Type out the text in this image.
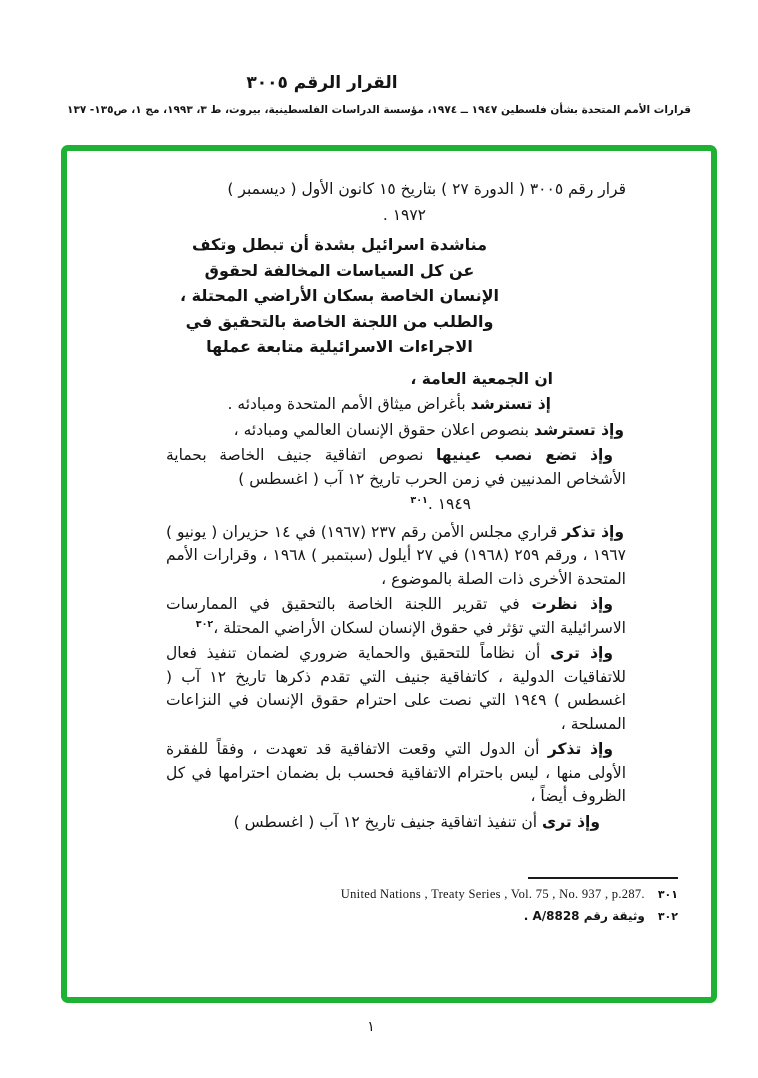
القرار الرقم ٣٠٠٥
قرارات الأمم المتحدة بشأن فلسطين ١٩٤٧ ــ ١٩٧٤، مؤسسة الدراسات الفلسطينية، بيروت، ط ٣، ١٩٩٣، مج ١، ص١٣٥- ١٣٧

قرار رقم ٣٠٠٥ ( الدورة ٢٧ ) بتاريخ ١٥ كانون الأول ( ديسمبر )

١٩٧٢ .

مناشدة اسرائيل بشدة أن تبطل وتكف
عن كل السياسات المخالفة لحقوق
الإنسان الخاصة بسكان الأراضي المحتلة ،
والطلب من اللجنة الخاصة بالتحقيق في
الاجراءات الاسرائيلية متابعة عملها

ان الجمعية العامة ،

إذ تسترشد بأغراض ميثاق الأمم المتحدة ومبادئه .

وإذ تسترشد بنصوص اعلان حقوق الإنسان العالمي ومبادئه ،

وإذ تضع نصب عينيها نصوص اتفاقية جنيف الخاصة بحماية الأشخاص المدنيين في زمن الحرب تاريخ ١٢ آب ( اغسطس )

١٩٤٩ .$^{٣٠١}$

وإذ تذكر قراري مجلس الأمن رقم ٢٣٧ (١٩٦٧) في ١٤ حزيران ( يونيو ) ١٩٦٧ ، ورقم ٢٥٩ (١٩٦٨) في ٢٧ أيلول (سبتمبر ) ١٩٦٨ ، وقرارات الأمم المتحدة الأخرى ذات الصلة بالموضوع ،

وإذ نظرت في تقرير اللجنة الخاصة بالتحقيق في الممارسات الاسرائيلية التي تؤثر في حقوق الإنسان لسكان الأراضي المحتلة ،$^{٣٠٢}$

وإذ ترى أن نظاماً للتحقيق والحماية ضروري لضمان تنفيذ فعال للاتفاقيات الدولية ، كاتفاقية جنيف التي تقدم ذكرها تاريخ ١٢ آب ( اغسطس ) ١٩٤٩ التي نصت على احترام حقوق الإنسان في النزاعات المسلحة ،

وإذ تذكر أن الدول التي وقعت الاتفاقية قد تعهدت ، وفقاً للفقرة الأولى منها ، ليس باحترام الاتفاقية فحسب بل بضمان احترامها في كل الظروف أيضاً ،

وإذ ترى أن تنفيذ اتفاقية جنيف تاريخ ١٢ آب ( اغسطس )

٣٠١
United Nations , Treaty Series , Vol. 75 , No. 937 , p.287.
٣٠٢
وثيقة رقم A/8828 .
١
